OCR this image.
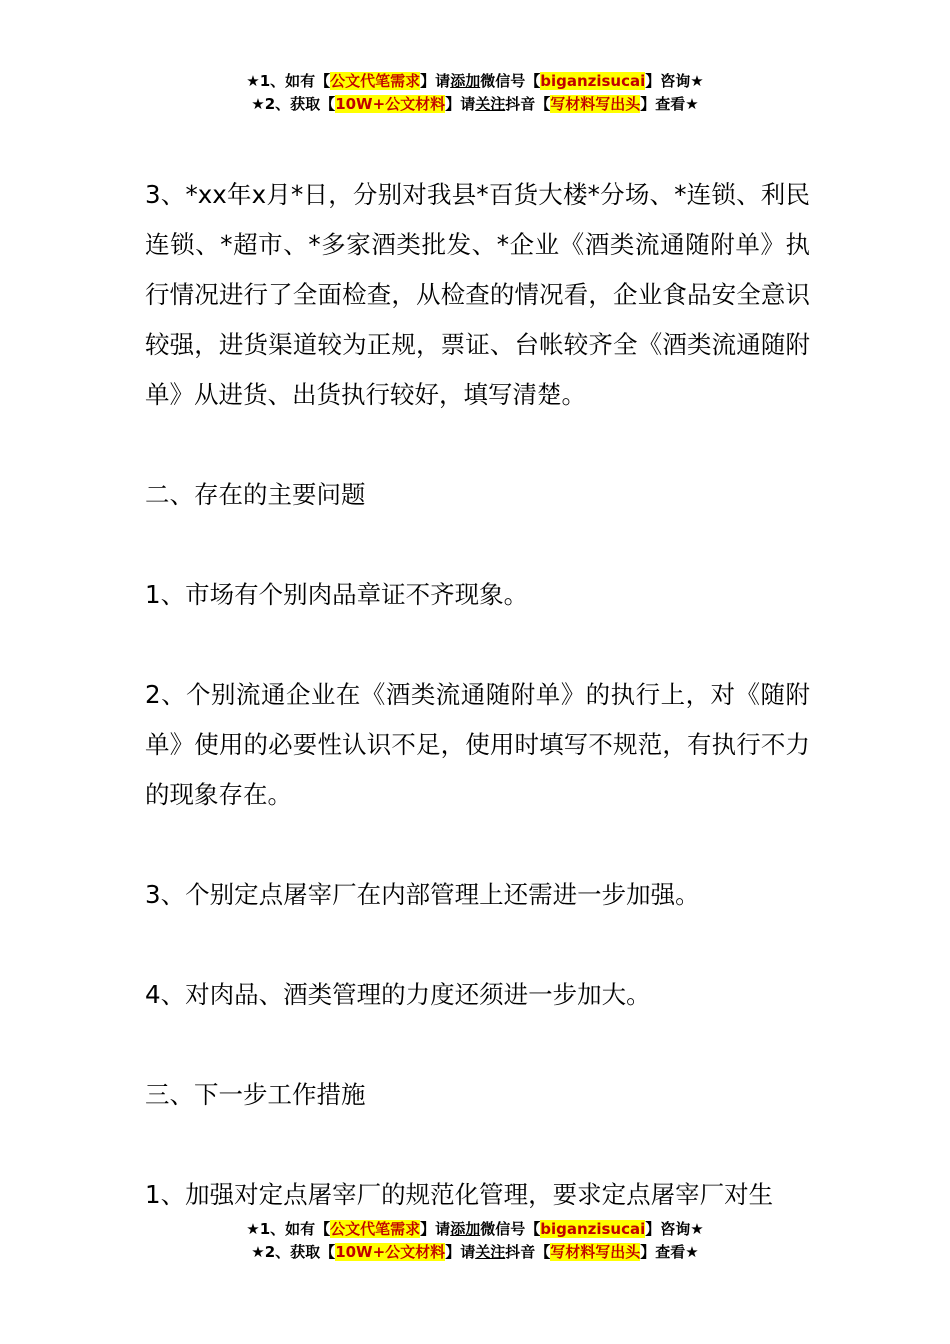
★1、如有【公文代笔需求】请添加微信号【biganzisucai】咨询★
★2、获取【10W+公文材料】请关注抖音【写材料写出头】查看★

3、*xx年x月*日，分别对我县*百货大楼*分场、*连锁、利民连锁、*超市、*多家酒类批发、*企业《酒类流通随附单》执行情况进行了全面检查，从检查的情况看，企业食品安全意识较强，进货渠道较为正规，票证、台帐较齐全《酒类流通随附单》从进货、出货执行较好，填写清楚。

二、存在的主要问题

1、市场有个别肉品章证不齐现象。

2、个别流通企业在《酒类流通随附单》的执行上，对《随附单》使用的必要性认识不足，使用时填写不规范，有执行不力的现象存在。

3、个别定点屠宰厂在内部管理上还需进一步加强。

4、对肉品、酒类管理的力度还须进一步加大。

三、下一步工作措施

1、加强对定点屠宰厂的规范化管理，要求定点屠宰厂对生

★1、如有【公文代笔需求】请添加微信号【biganzisucai】咨询★
★2、获取【10W+公文材料】请关注抖音【写材料写出头】查看★
